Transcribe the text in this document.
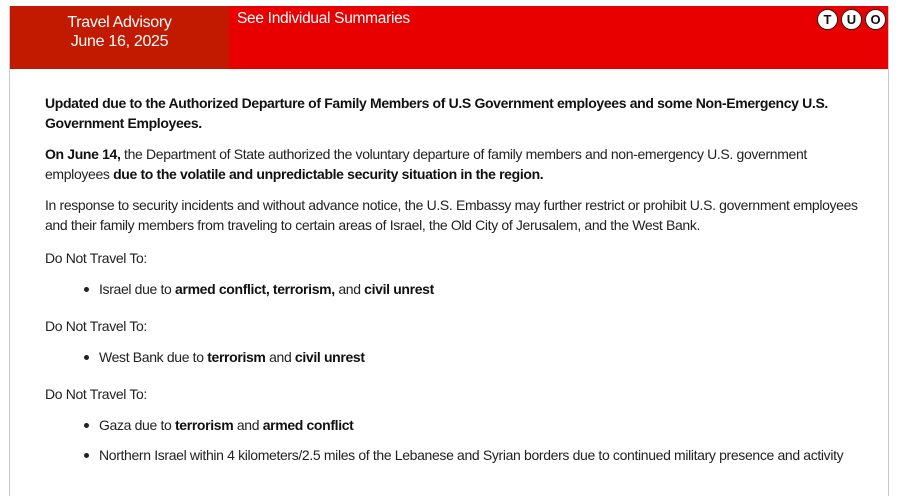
Travel Advisory
June 16, 2025
See Individual Summaries	T	U	O

Updated due to the Authorized Departure of Family Members of U.S Government employees and some Non-Emergency U.S. Government Employees.

On June 14, the Department of State authorized the voluntary departure of family members and non-emergency U.S. government employees due to the volatile and unpredictable security situation in the region.

In response to security incidents and without advance notice, the U.S. Embassy may further restrict or prohibit U.S. government employees and their family members from traveling to certain areas of Israel, the Old City of Jerusalem, and the West Bank.

Do Not Travel To:

Israel due to armed conflict, terrorism, and civil unrest

Do Not Travel To:

West Bank due to terrorism and civil unrest

Do Not Travel To:

Gaza due to terrorism and armed conflict
Northern Israel within 4 kilometers/2.5 miles of the Lebanese and Syrian borders due to continued military presence and activity
